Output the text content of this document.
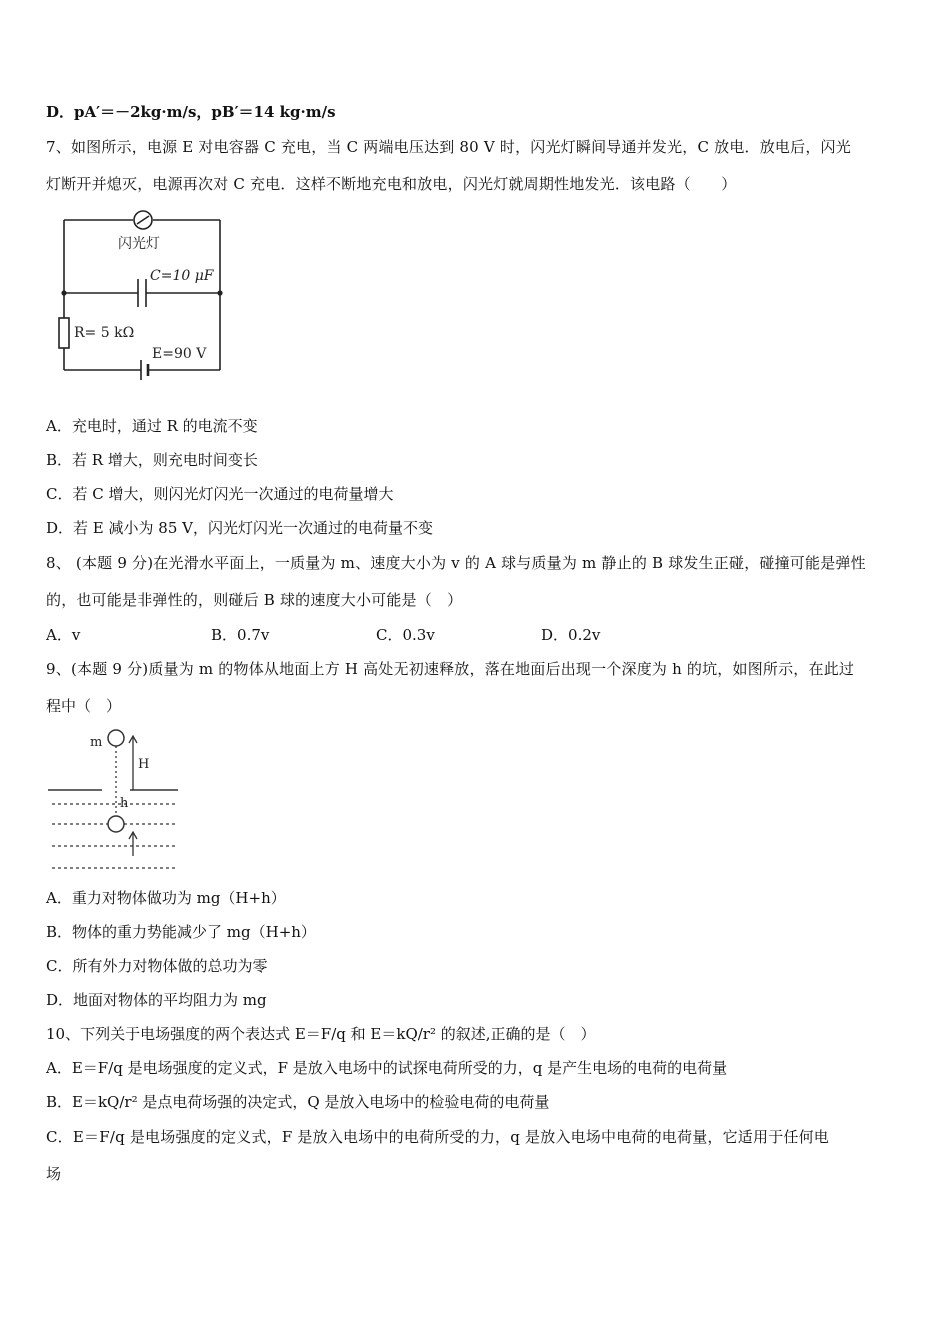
D．pA′＝－2kg·m/s，pB′＝14 kg·m/s
7、如图所示，电源 E 对电容器 C 充电，当 C 两端电压达到 80 V 时，闪光灯瞬间导通并发光，C 放电．放电后，闪光
灯断开并熄灭，电源再次对 C 充电．这样不断地充电和放电，闪光灯就周期性地发光．该电路（　　）
闪光灯
C=10 μF
R= 5 kΩ
E=90 V
A．充电时，通过 R 的电流不变
B．若 R 增大，则充电时间变长
C．若 C 增大，则闪光灯闪光一次通过的电荷量增大
D．若 E 减小为 85 V，闪光灯闪光一次通过的电荷量不变
8、 (本题 9 分)在光滑水平面上，一质量为 m、速度大小为 v 的 A 球与质量为 m 静止的 B 球发生正碰，碰撞可能是弹性
的，也可能是非弹性的，则碰后 B 球的速度大小可能是（　）
A．v	B．0.7v	C．0.3v	D．0.2v
9、(本题 9 分)质量为 m 的物体从地面上方 H 高处无初速释放，落在地面后出现一个深度为 h 的坑，如图所示，在此过
程中（　）
m
H
h
A．重力对物体做功为 mg（H+h）
B．物体的重力势能减少了 mg（H+h）
C．所有外力对物体做的总功为零
D．地面对物体的平均阻力为 mg
10、下列关于电场强度的两个表达式 E＝F/q 和 E＝kQ/r² 的叙述,正确的是（　）
A．E＝F/q 是电场强度的定义式，F 是放入电场中的试探电荷所受的力，q 是产生电场的电荷的电荷量
B．E＝kQ/r² 是点电荷场强的决定式，Q 是放入电场中的检验电荷的电荷量
C．E＝F/q 是电场强度的定义式，F 是放入电场中的电荷所受的力，q 是放入电场中电荷的电荷量，它适用于任何电
场
